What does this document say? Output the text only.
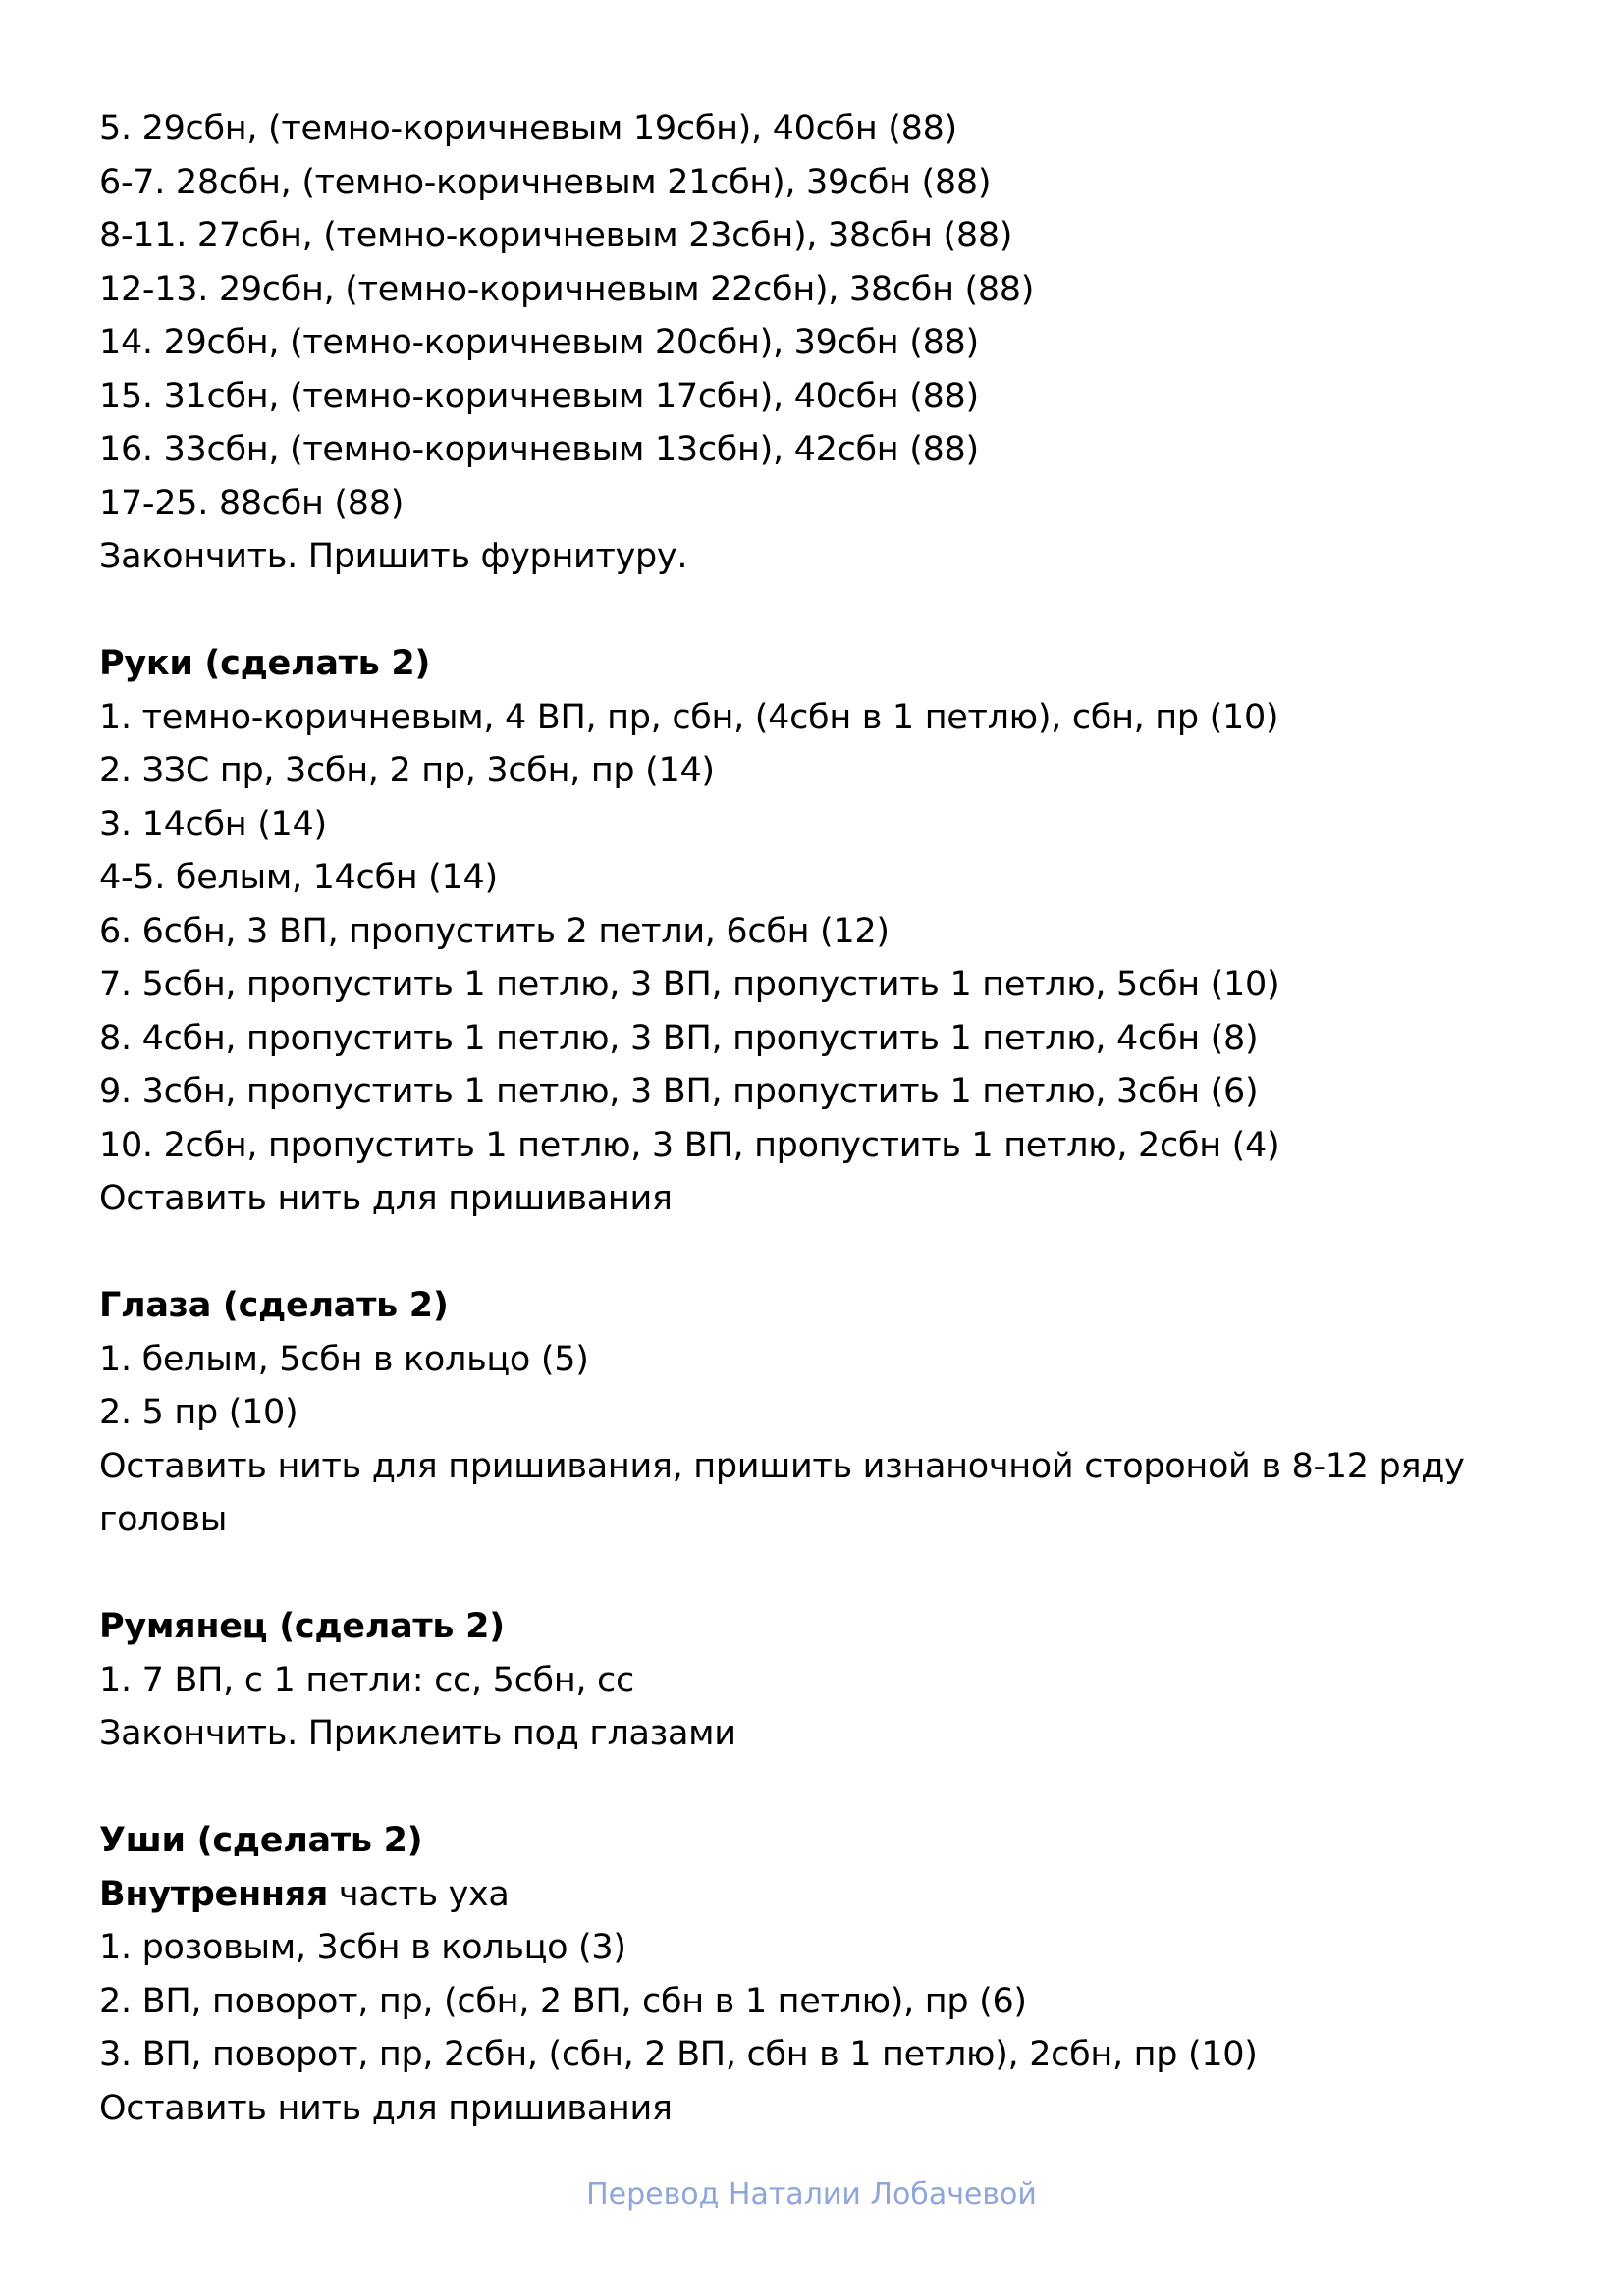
5. 29сбн, (темно-коричневым 19сбн), 40сбн (88)
6-7. 28сбн, (темно-коричневым 21сбн), 39сбн (88)
8-11. 27сбн, (темно-коричневым 23сбн), 38сбн (88)
12-13. 29сбн, (темно-коричневым 22сбн), 38сбн (88)
14. 29сбн, (темно-коричневым 20сбн), 39сбн (88)
15. 31сбн, (темно-коричневым 17сбн), 40сбн (88)
16. 33сбн, (темно-коричневым 13сбн), 42сбн (88)
17-25. 88сбн (88)
Закончить. Пришить фурнитуру.
Руки (сделать 2)
1. темно-коричневым, 4 ВП, пр, сбн, (4сбн в 1 петлю), сбн, пр (10)
2. ЗЗС пр, 3сбн, 2 пр, 3сбн, пр (14)
3. 14сбн (14)
4-5. белым, 14сбн (14)
6. 6сбн, 3 ВП, пропустить 2 петли, 6сбн (12)
7. 5сбн, пропустить 1 петлю, 3 ВП, пропустить 1 петлю, 5сбн (10)
8. 4сбн, пропустить 1 петлю, 3 ВП, пропустить 1 петлю, 4сбн (8)
9. 3сбн, пропустить 1 петлю, 3 ВП, пропустить 1 петлю, 3сбн (6)
10. 2сбн, пропустить 1 петлю, 3 ВП, пропустить 1 петлю, 2сбн (4)
Оставить нить для пришивания
Глаза (сделать 2)
1. белым, 5сбн в кольцо (5)
2. 5 пр (10)
Оставить нить для пришивания, пришить изнаночной стороной в 8-12 ряду головы
Румянец (сделать 2)
1. 7 ВП, с 1 петли: сс, 5сбн, сс
Закончить. Приклеить под глазами
Уши (сделать 2)
Внутренняя часть уха
1. розовым, 3сбн в кольцо (3)
2. ВП, поворот, пр, (сбн, 2 ВП, сбн в 1 петлю), пр (6)
3. ВП, поворот, пр, 2сбн, (сбн, 2 ВП, сбн в 1 петлю), 2сбн, пр (10)
Оставить нить для пришивания
Перевод Наталии Лобачевой
